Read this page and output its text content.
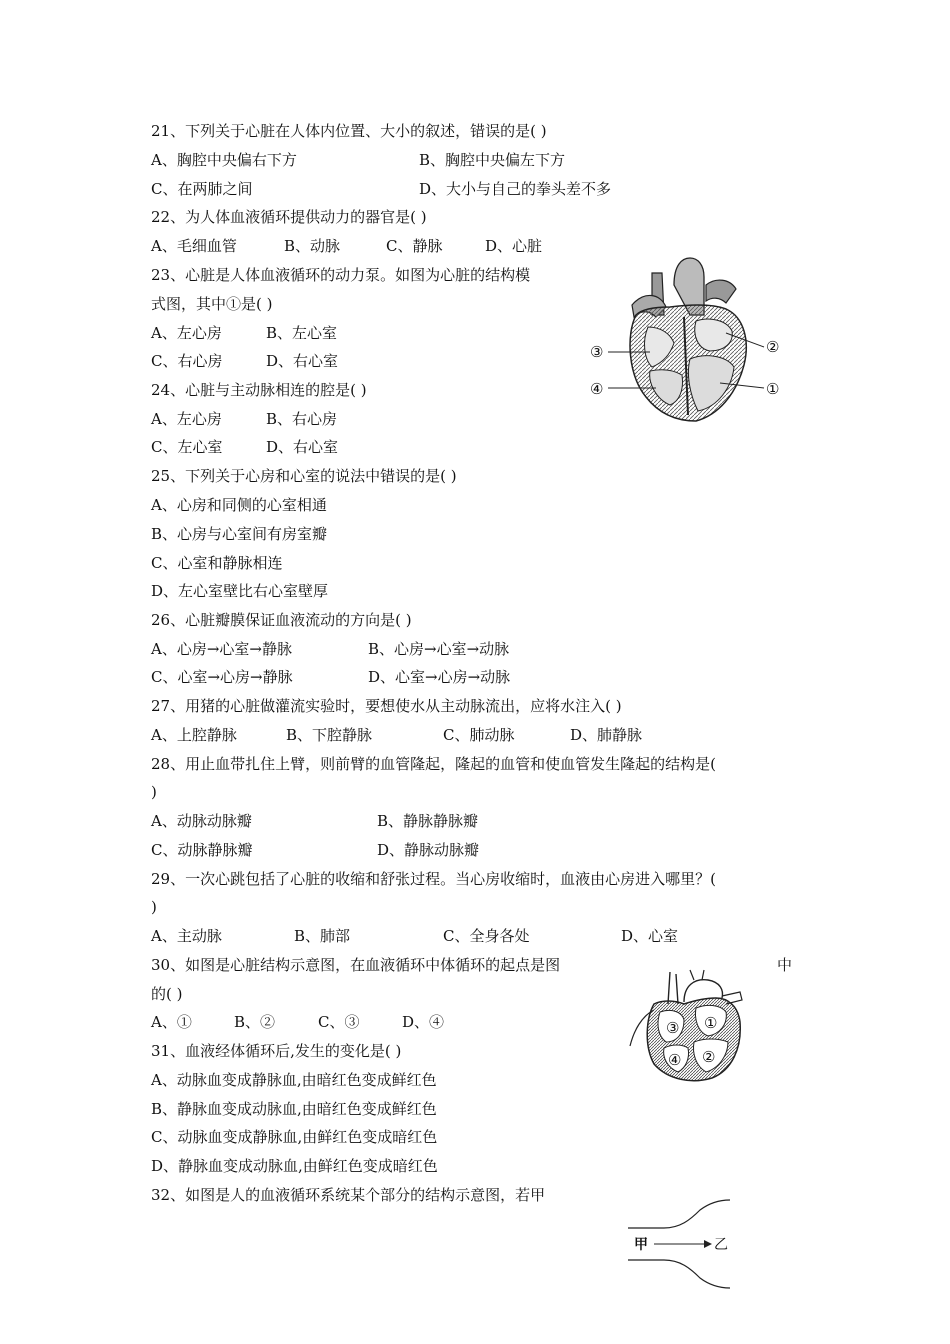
21、下列关于心脏在人体内位置、大小的叙述，错误的是( )
A、胸腔中央偏右下方	B、胸腔中央偏左下方
C、在两肺之间	D、大小与自己的拳头差不多
22、为人体血液循环提供动力的器官是( )
A、毛细血管	B、动脉	C、静脉	D、心脏
23、心脏是人体血液循环的动力泵。如图为心脏的结构模
式图，其中①是( )
A、左心房	B、左心室
C、右心房	D、右心室
24、心脏与主动脉相连的腔是( )
A、左心房	B、右心房
C、左心室	D、右心室
25、下列关于心房和心室的说法中错误的是( )
A、心房和同侧的心室相通
B、心房与心室间有房室瓣
C、心室和静脉相连
D、左心室壁比右心室壁厚
26、心脏瓣膜保证血液流动的方向是( )
A、心房→心室→静脉	B、心房→心室→动脉
C、心室→心房→静脉	D、心室→心房→动脉
27、用猪的心脏做灌流实验时，要想使水从主动脉流出，应将水注入( )
A、上腔静脉	B、下腔静脉	C、肺动脉	D、肺静脉
28、用止血带扎住上臂，则前臂的血管隆起，隆起的血管和使血管发生隆起的结构是(
)
A、动脉动脉瓣	B、静脉静脉瓣
C、动脉静脉瓣	D、静脉动脉瓣
29、一次心跳包括了心脏的收缩和舒张过程。当心房收缩时，血液由心房进入哪里？(
)
A、主动脉	B、肺部	C、全身各处	D、心室
30、如图是心脏结构示意图，在血液循环中体循环的起点是图	中
的( )
A、①	B、②	C、③	D、④
31、血液经体循环后,发生的变化是( )
A、动脉血变成静脉血,由暗红色变成鲜红色
B、静脉血变成动脉血,由暗红色变成鲜红色
C、动脉血变成静脉血,由鲜红色变成暗红色
D、静脉血变成动脉血,由鲜红色变成暗红色
32、如图是人的血液循环系统某个部分的结构示意图，若甲
③
④
②
①
③ ①
④ ②
甲	乙
